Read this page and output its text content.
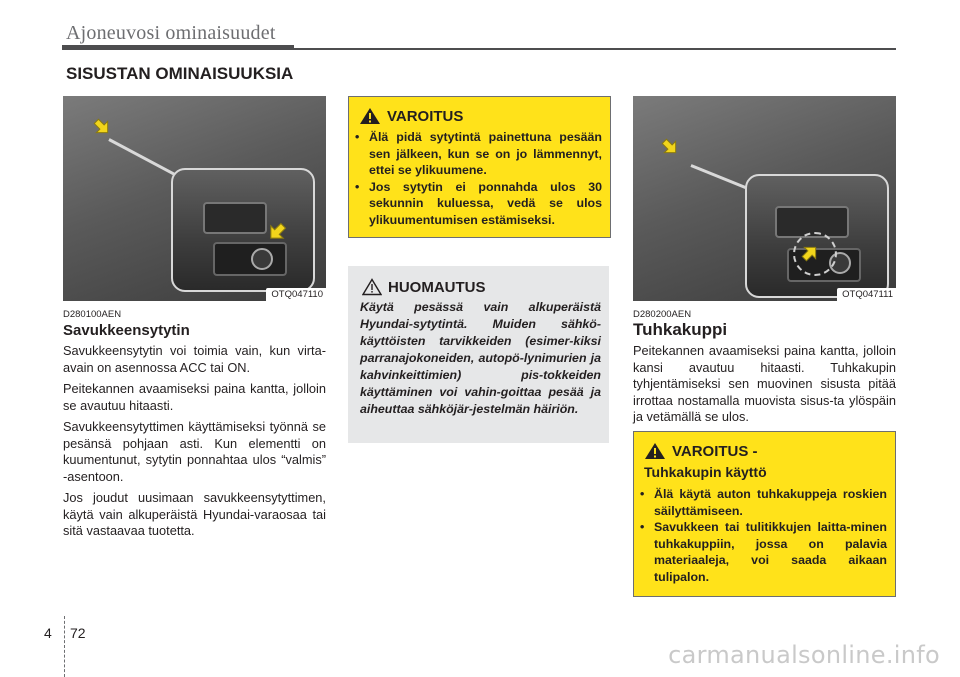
Ajoneuvosi ominaisuudet
SISUSTAN OMINAISUUKSIA
OTQ047110
D280100AEN
Savukkeensytytin

Savukkeensytytin voi toimia vain, kun virta-avain on asennossa ACC tai ON.

Peitekannen avaamiseksi paina kantta, jolloin se avautuu hitaasti.

Savukkeensytyttimen käyttämiseksi työnnä se pesänsä pohjaan asti. Kun elementti on kuumentunut, sytytin ponnahtaa ulos “valmis” -asentoon.

Jos joudut uusimaan savukkeensytyttimen, käytä vain alkuperäistä Hyundai-varaosaa tai sitä vastaavaa tuotetta.

VAROITUS
• Älä pidä sytytintä painettuna pesään sen jälkeen, kun se on jo lämmennyt, ettei se ylikuumene.
• Jos sytytin ei ponnahda ulos 30 sekunnin kuluessa, vedä se ulos ylikuumentumisen estämiseksi.
HUOMAUTUS
Käytä pesässä vain alkuperäistä Hyundai-sytytintä. Muiden sähkö-käyttöisten tarvikkeiden (esimer-kiksi parranajokoneiden, autopö-lynimurien ja kahvinkeittimien) pis-tokkeiden käyttäminen voi vahin-goittaa pesää ja aiheuttaa sähköjär-jestelmän häiriön.
OTQ047111
D280200AEN
Tuhkakuppi

Peitekannen avaamiseksi paina kantta, jolloin kansi avautuu hitaasti. Tuhkakupin tyhjentämiseksi sen muovinen sisusta pitää irrottaa nostamalla muovista sisus-ta ylöspäin ja vetämällä se ulos.

VAROITUS -
Tuhkakupin käyttö
• Älä käytä auton tuhkakuppeja roskien säilyttämiseen.
• Savukkeen tai tulitikkujen laitta-minen tuhkakuppiin, jossa on palavia materiaaleja, voi saada aikaan tulipalon.
4 72
carmanualsonline.info
